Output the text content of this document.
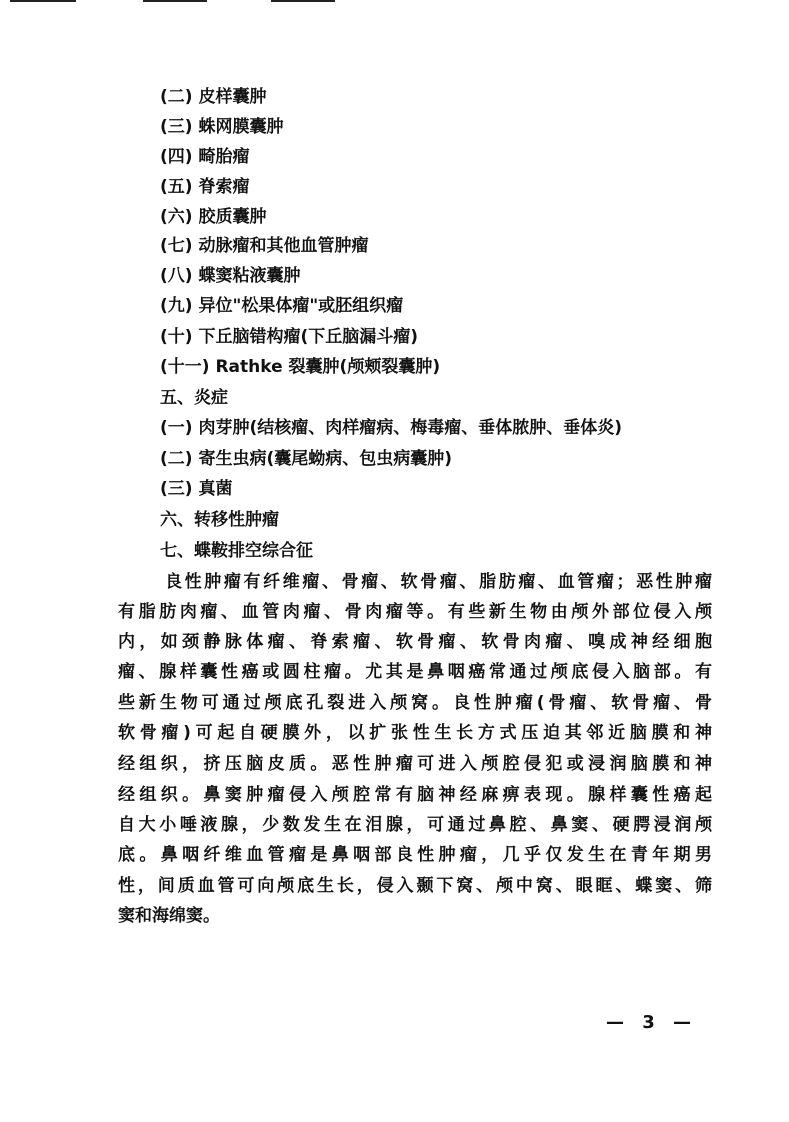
(二) 皮样囊肿
(三) 蛛网膜囊肿
(四) 畸胎瘤
(五) 脊索瘤
(六) 胶质囊肿
(七) 动脉瘤和其他血管肿瘤
(八) 蝶窦粘液囊肿
(九) 异位"松果体瘤"或胚组织瘤
(十) 下丘脑错构瘤(下丘脑漏斗瘤)
(十一) Rathke 裂囊肿(颅颊裂囊肿)
五、炎症
(一) 肉芽肿(结核瘤、肉样瘤病、梅毒瘤、垂体脓肿、垂体炎)
(二) 寄生虫病(囊尾蚴病、包虫病囊肿)
(三) 真菌
六、转移性肿瘤
七、蝶鞍排空综合征
良性肿瘤有纤维瘤、骨瘤、软骨瘤、脂肪瘤、血管瘤；恶性肿瘤
有脂肪肉瘤、血管肉瘤、骨肉瘤等。有些新生物由颅外部位侵入颅
内，如颈静脉体瘤、脊索瘤、软骨瘤、软骨肉瘤、嗅成神经细胞
瘤、腺样囊性癌或圆柱瘤。尤其是鼻咽癌常通过颅底侵入脑部。有
些新生物可通过颅底孔裂进入颅窝。良性肿瘤(骨瘤、软骨瘤、骨
软骨瘤)可起自硬膜外，以扩张性生长方式压迫其邻近脑膜和神
经组织，挤压脑皮质。恶性肿瘤可进入颅腔侵犯或浸润脑膜和神
经组织。鼻窦肿瘤侵入颅腔常有脑神经麻痹表现。腺样囊性癌起
自大小唾液腺，少数发生在泪腺，可通过鼻腔、鼻窦、硬腭浸润颅
底。鼻咽纤维血管瘤是鼻咽部良性肿瘤，几乎仅发生在青年期男
性，间质血管可向颅底生长，侵入颞下窝、颅中窝、眼眶、蝶窦、筛
窦和海绵窦。
— 3 —
